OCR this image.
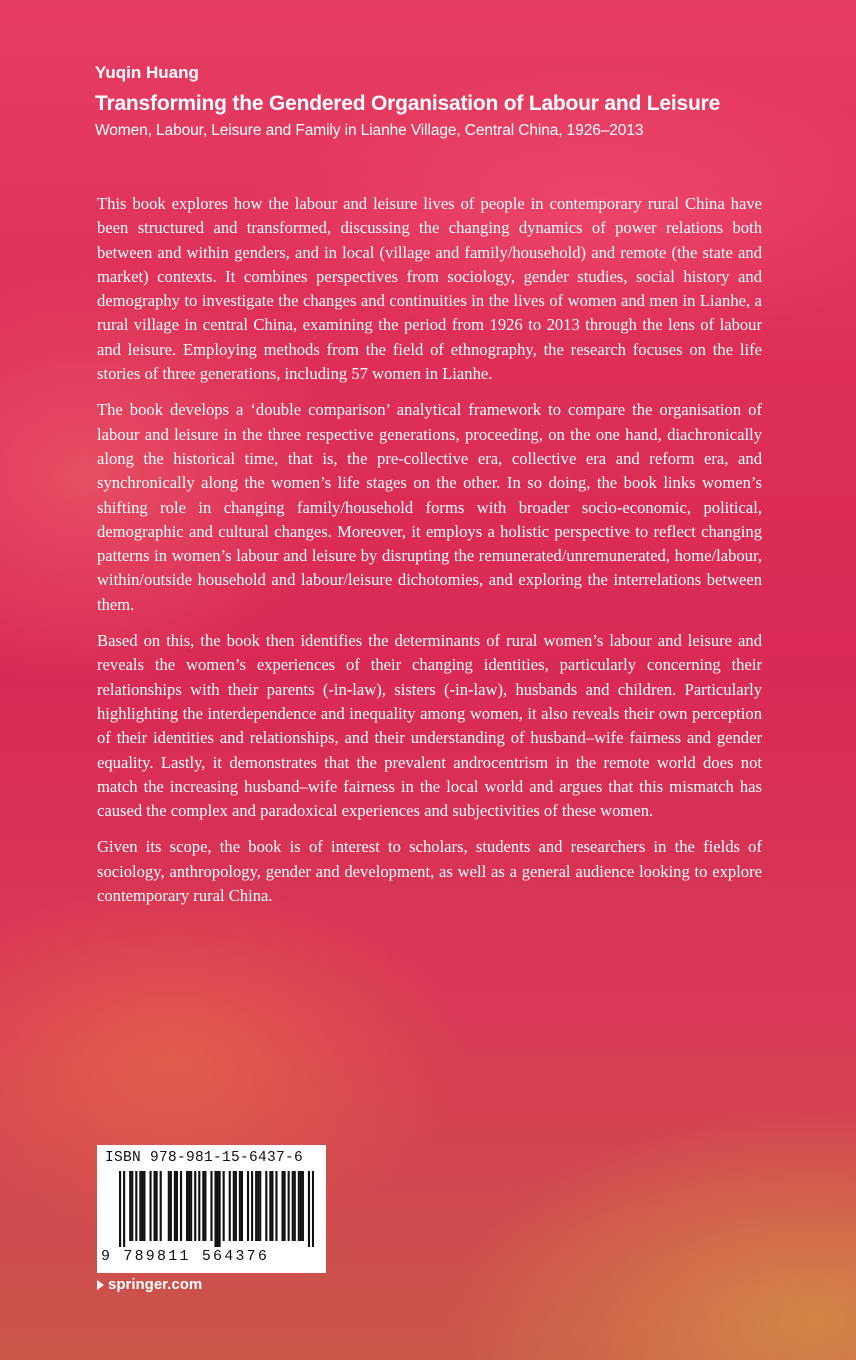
Yuqin Huang
Transforming the Gendered Organisation of Labour and Leisure
Women, Labour, Leisure and Family in Lianhe Village, Central China, 1926–2013

This book explores how the labour and leisure lives of people in contemporary rural China have been structured and transformed, discussing the changing dynamics of power relations both between and within genders, and in local (village and family/household) and remote (the state and market) contexts. It combines perspectives from sociology, gender studies, social history and demography to investigate the changes and continuities in the lives of women and men in Lianhe, a rural village in central China, examining the period from 1926 to 2013 through the lens of labour and leisure. Employing methods from the field of ethnography, the research focuses on the life stories of three generations, including 57 women in Lianhe.

The book develops a ‘double comparison’ analytical framework to compare the organisation of labour and leisure in the three respective generations, proceeding, on the one hand, diachronically along the historical time, that is, the pre-collective era, collective era and reform era, and synchronically along the women’s life stages on the other. In so doing, the book links women’s shifting role in changing family/household forms with broader socio-economic, political, demographic and cultural changes. Moreover, it employs a holistic perspective to reflect changing patterns in women’s labour and leisure by disrupting the remunerated/unremunerated, home/labour, within/outside household and labour/leisure dichotomies, and exploring the interrelations between them.

Based on this, the book then identifies the determinants of rural women’s labour and leisure and reveals the women’s experiences of their changing identities, particularly concerning their relationships with their parents (-in-law), sisters (-in-law), husbands and children. Particularly highlighting the interdependence and inequality among women, it also reveals their own perception of their identities and relationships, and their understanding of husband–wife fairness and gender equality. Lastly, it demonstrates that the prevalent androcentrism in the remote world does not match the increasing husband–wife fairness in the local world and argues that this mismatch has caused the complex and paradoxical experiences and subjectivities of these women.

Given its scope, the book is of interest to scholars, students and researchers in the fields of sociology, anthropology, gender and development, as well as a general audience looking to explore contemporary rural China.

ISBN 978-981-15-6437-6
9 789811 564376
springer.com
